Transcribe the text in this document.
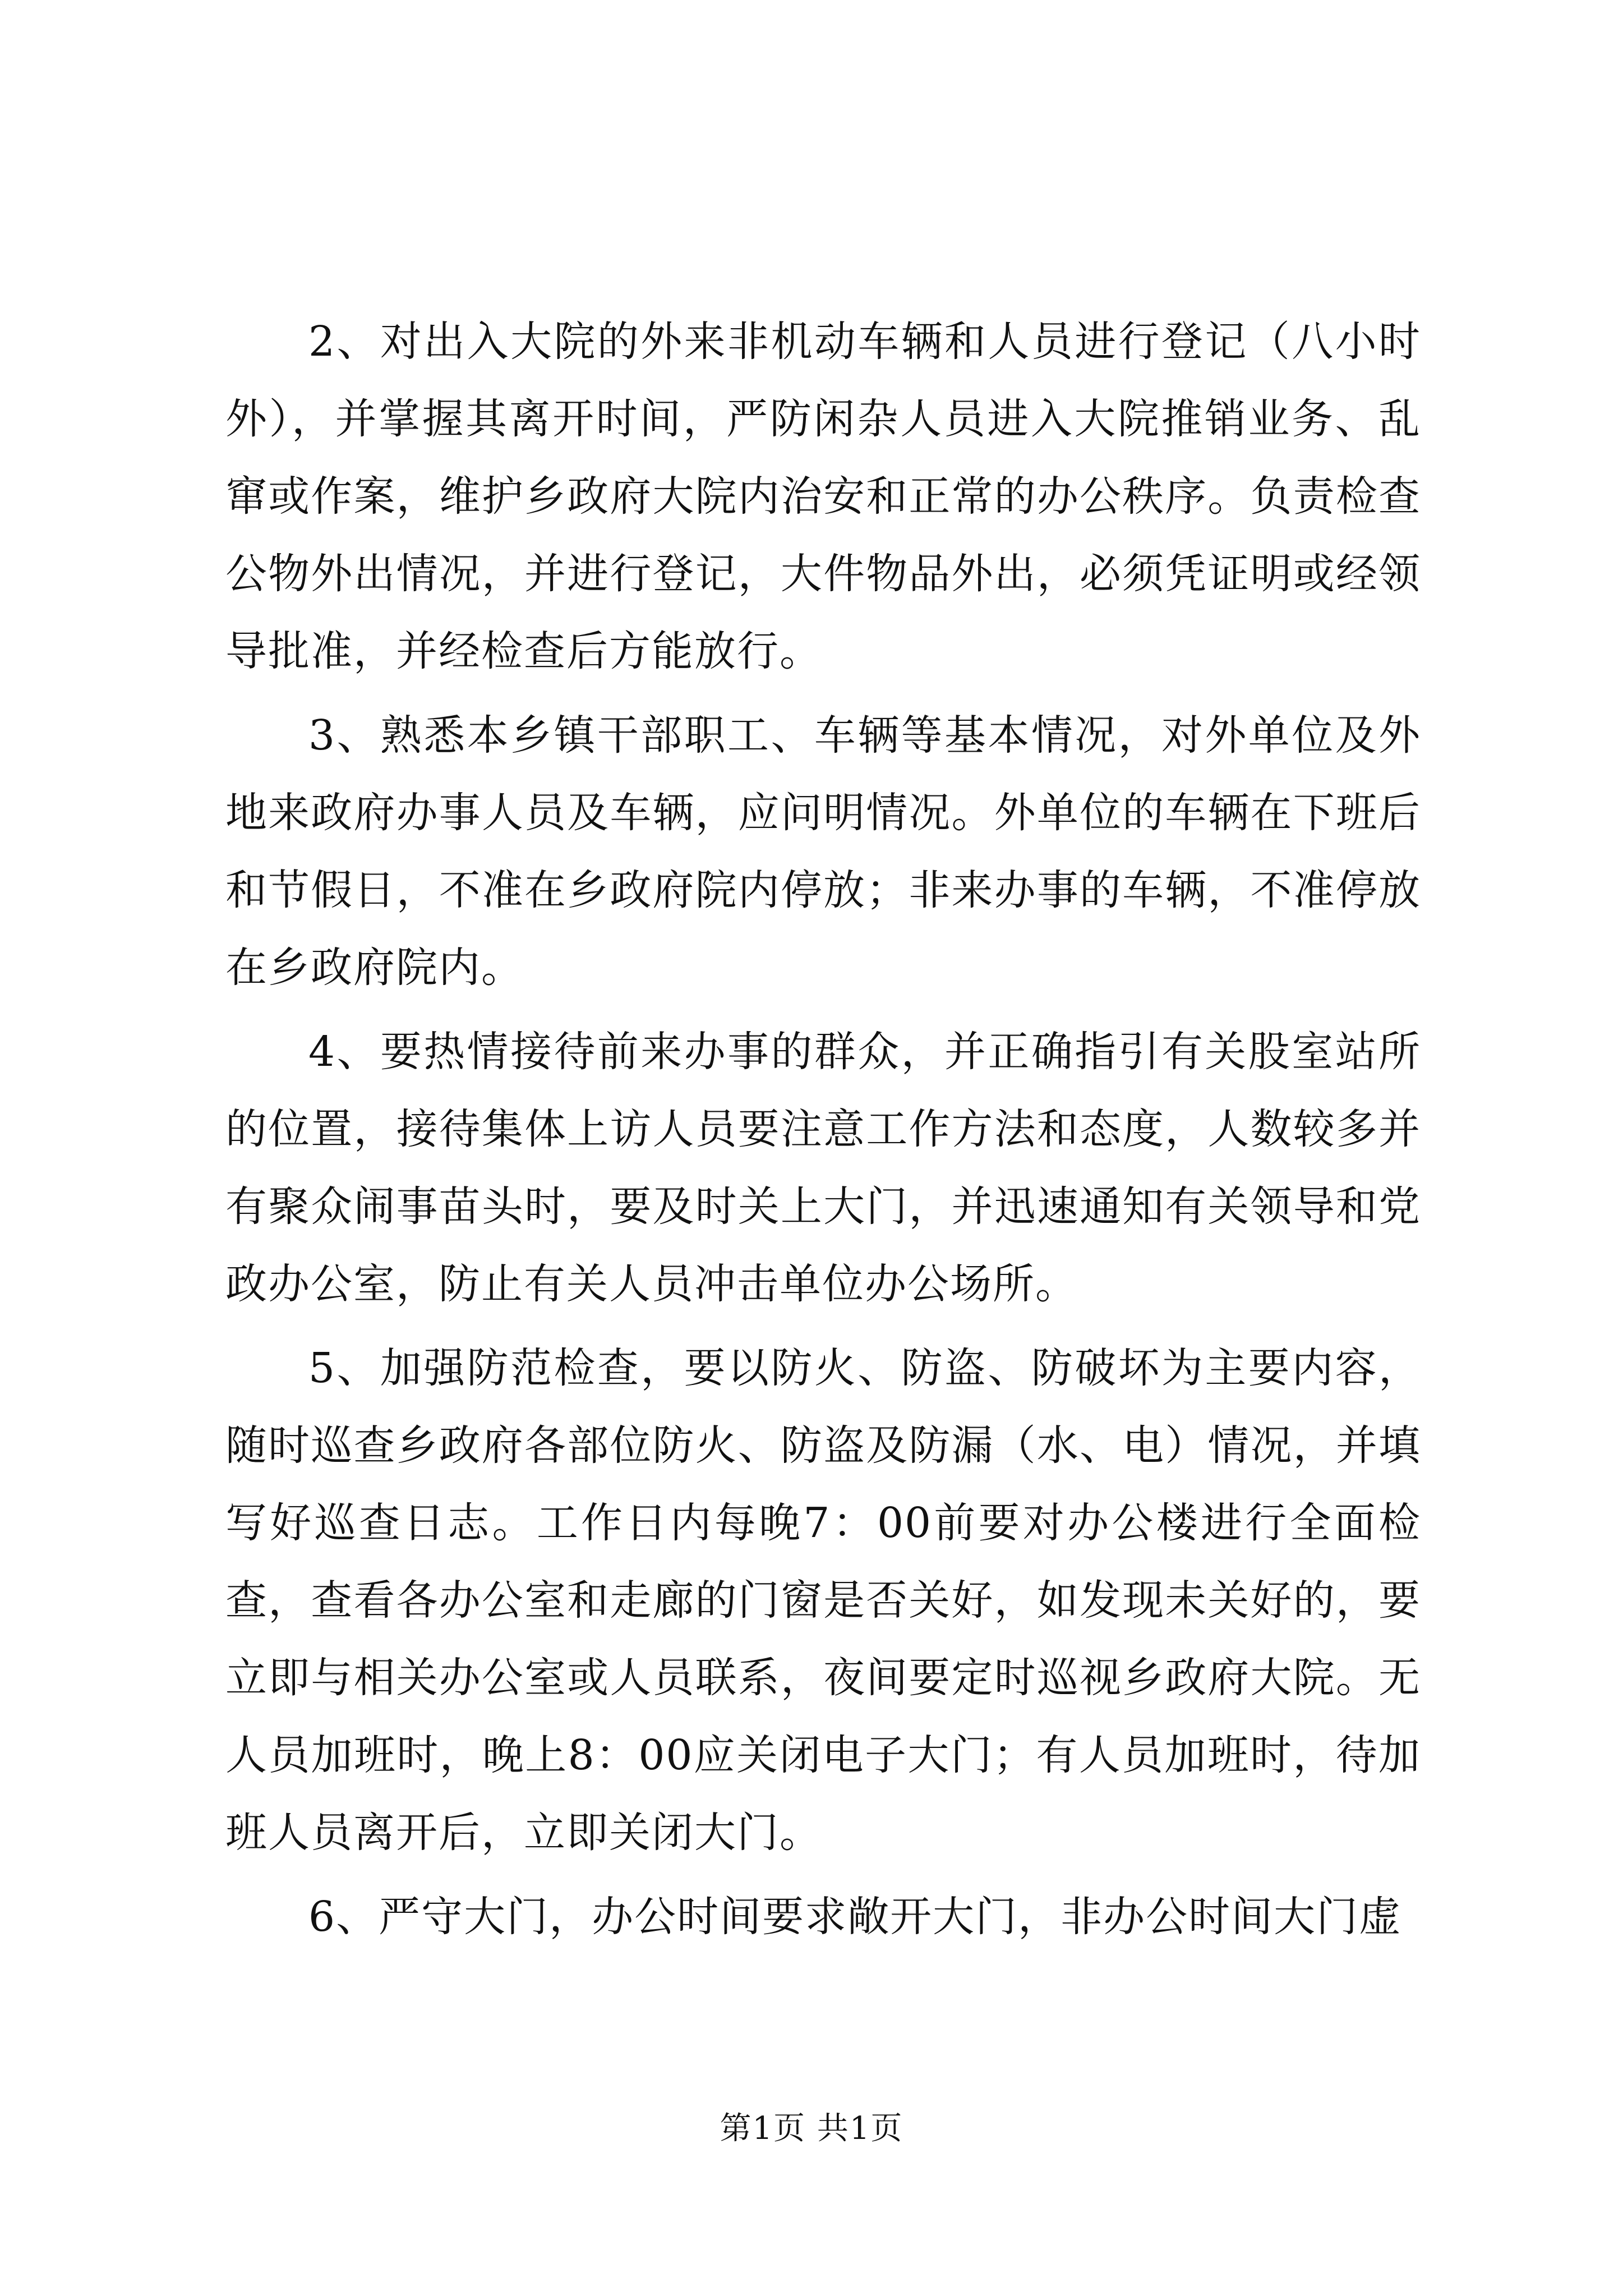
2、对出入大院的外来非机动车辆和人员进行登记（八小时外），并掌握其离开时间，严防闲杂人员进入大院推销业务、乱窜或作案，维护乡政府大院内治安和正常的办公秩序。负责检查公物外出情况，并进行登记，大件物品外出，必须凭证明或经领导批准，并经检查后方能放行。

3、熟悉本乡镇干部职工、车辆等基本情况，对外单位及外地来政府办事人员及车辆，应问明情况。外单位的车辆在下班后和节假日，不准在乡政府院内停放；非来办事的车辆，不准停放在乡政府院内。

4、要热情接待前来办事的群众，并正确指引有关股室站所的位置，接待集体上访人员要注意工作方法和态度，人数较多并有聚众闹事苗头时，要及时关上大门，并迅速通知有关领导和党政办公室，防止有关人员冲击单位办公场所。

5、加强防范检查，要以防火、防盗、防破坏为主要内容，随时巡查乡政府各部位防火、防盗及防漏（水、电）情况，并填写好巡查日志。工作日内每晚7：00前要对办公楼进行全面检查，查看各办公室和走廊的门窗是否关好，如发现未关好的，要立即与相关办公室或人员联系，夜间要定时巡视乡政府大院。无人员加班时，晚上8：00应关闭电子大门；有人员加班时，待加班人员离开后，立即关闭大门。

6、严守大门，办公时间要求敞开大门，非办公时间大门虚

第1页 共1页
